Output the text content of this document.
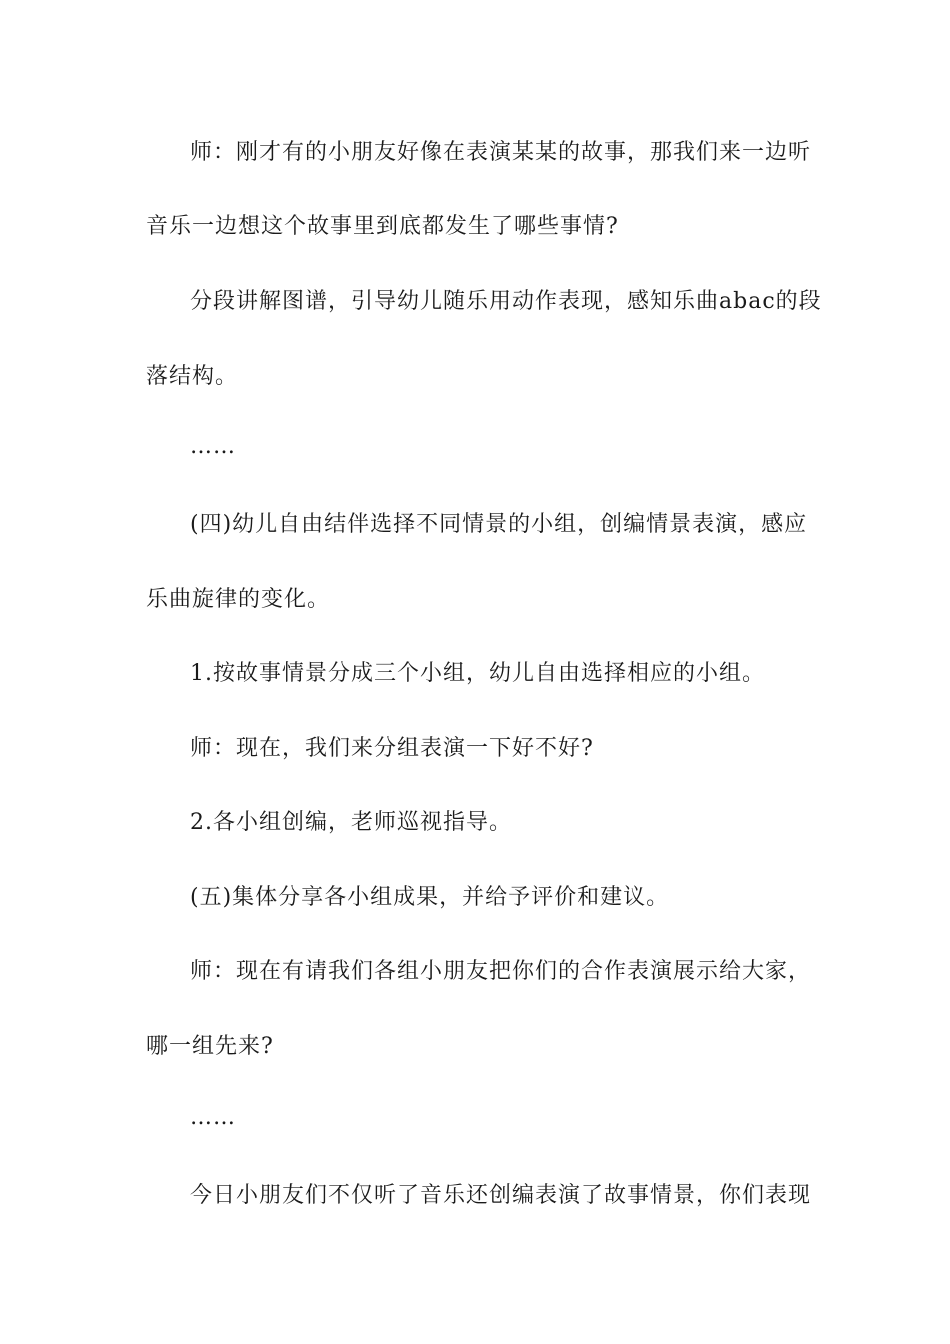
师：刚才有的小朋友好像在表演某某的故事，那我们来一边听
音乐一边想这个故事里到底都发生了哪些事情?
分段讲解图谱，引导幼儿随乐用动作表现，感知乐曲abac的段
落结构。
……
(四)幼儿自由结伴选择不同情景的小组，创编情景表演，感应
乐曲旋律的变化。
1.按故事情景分成三个小组，幼儿自由选择相应的小组。
师：现在，我们来分组表演一下好不好?
2.各小组创编，老师巡视指导。
(五)集体分享各小组成果，并给予评价和建议。
师：现在有请我们各组小朋友把你们的合作表演展示给大家，
哪一组先来?
……
今日小朋友们不仅听了音乐还创编表演了故事情景，你们表现
